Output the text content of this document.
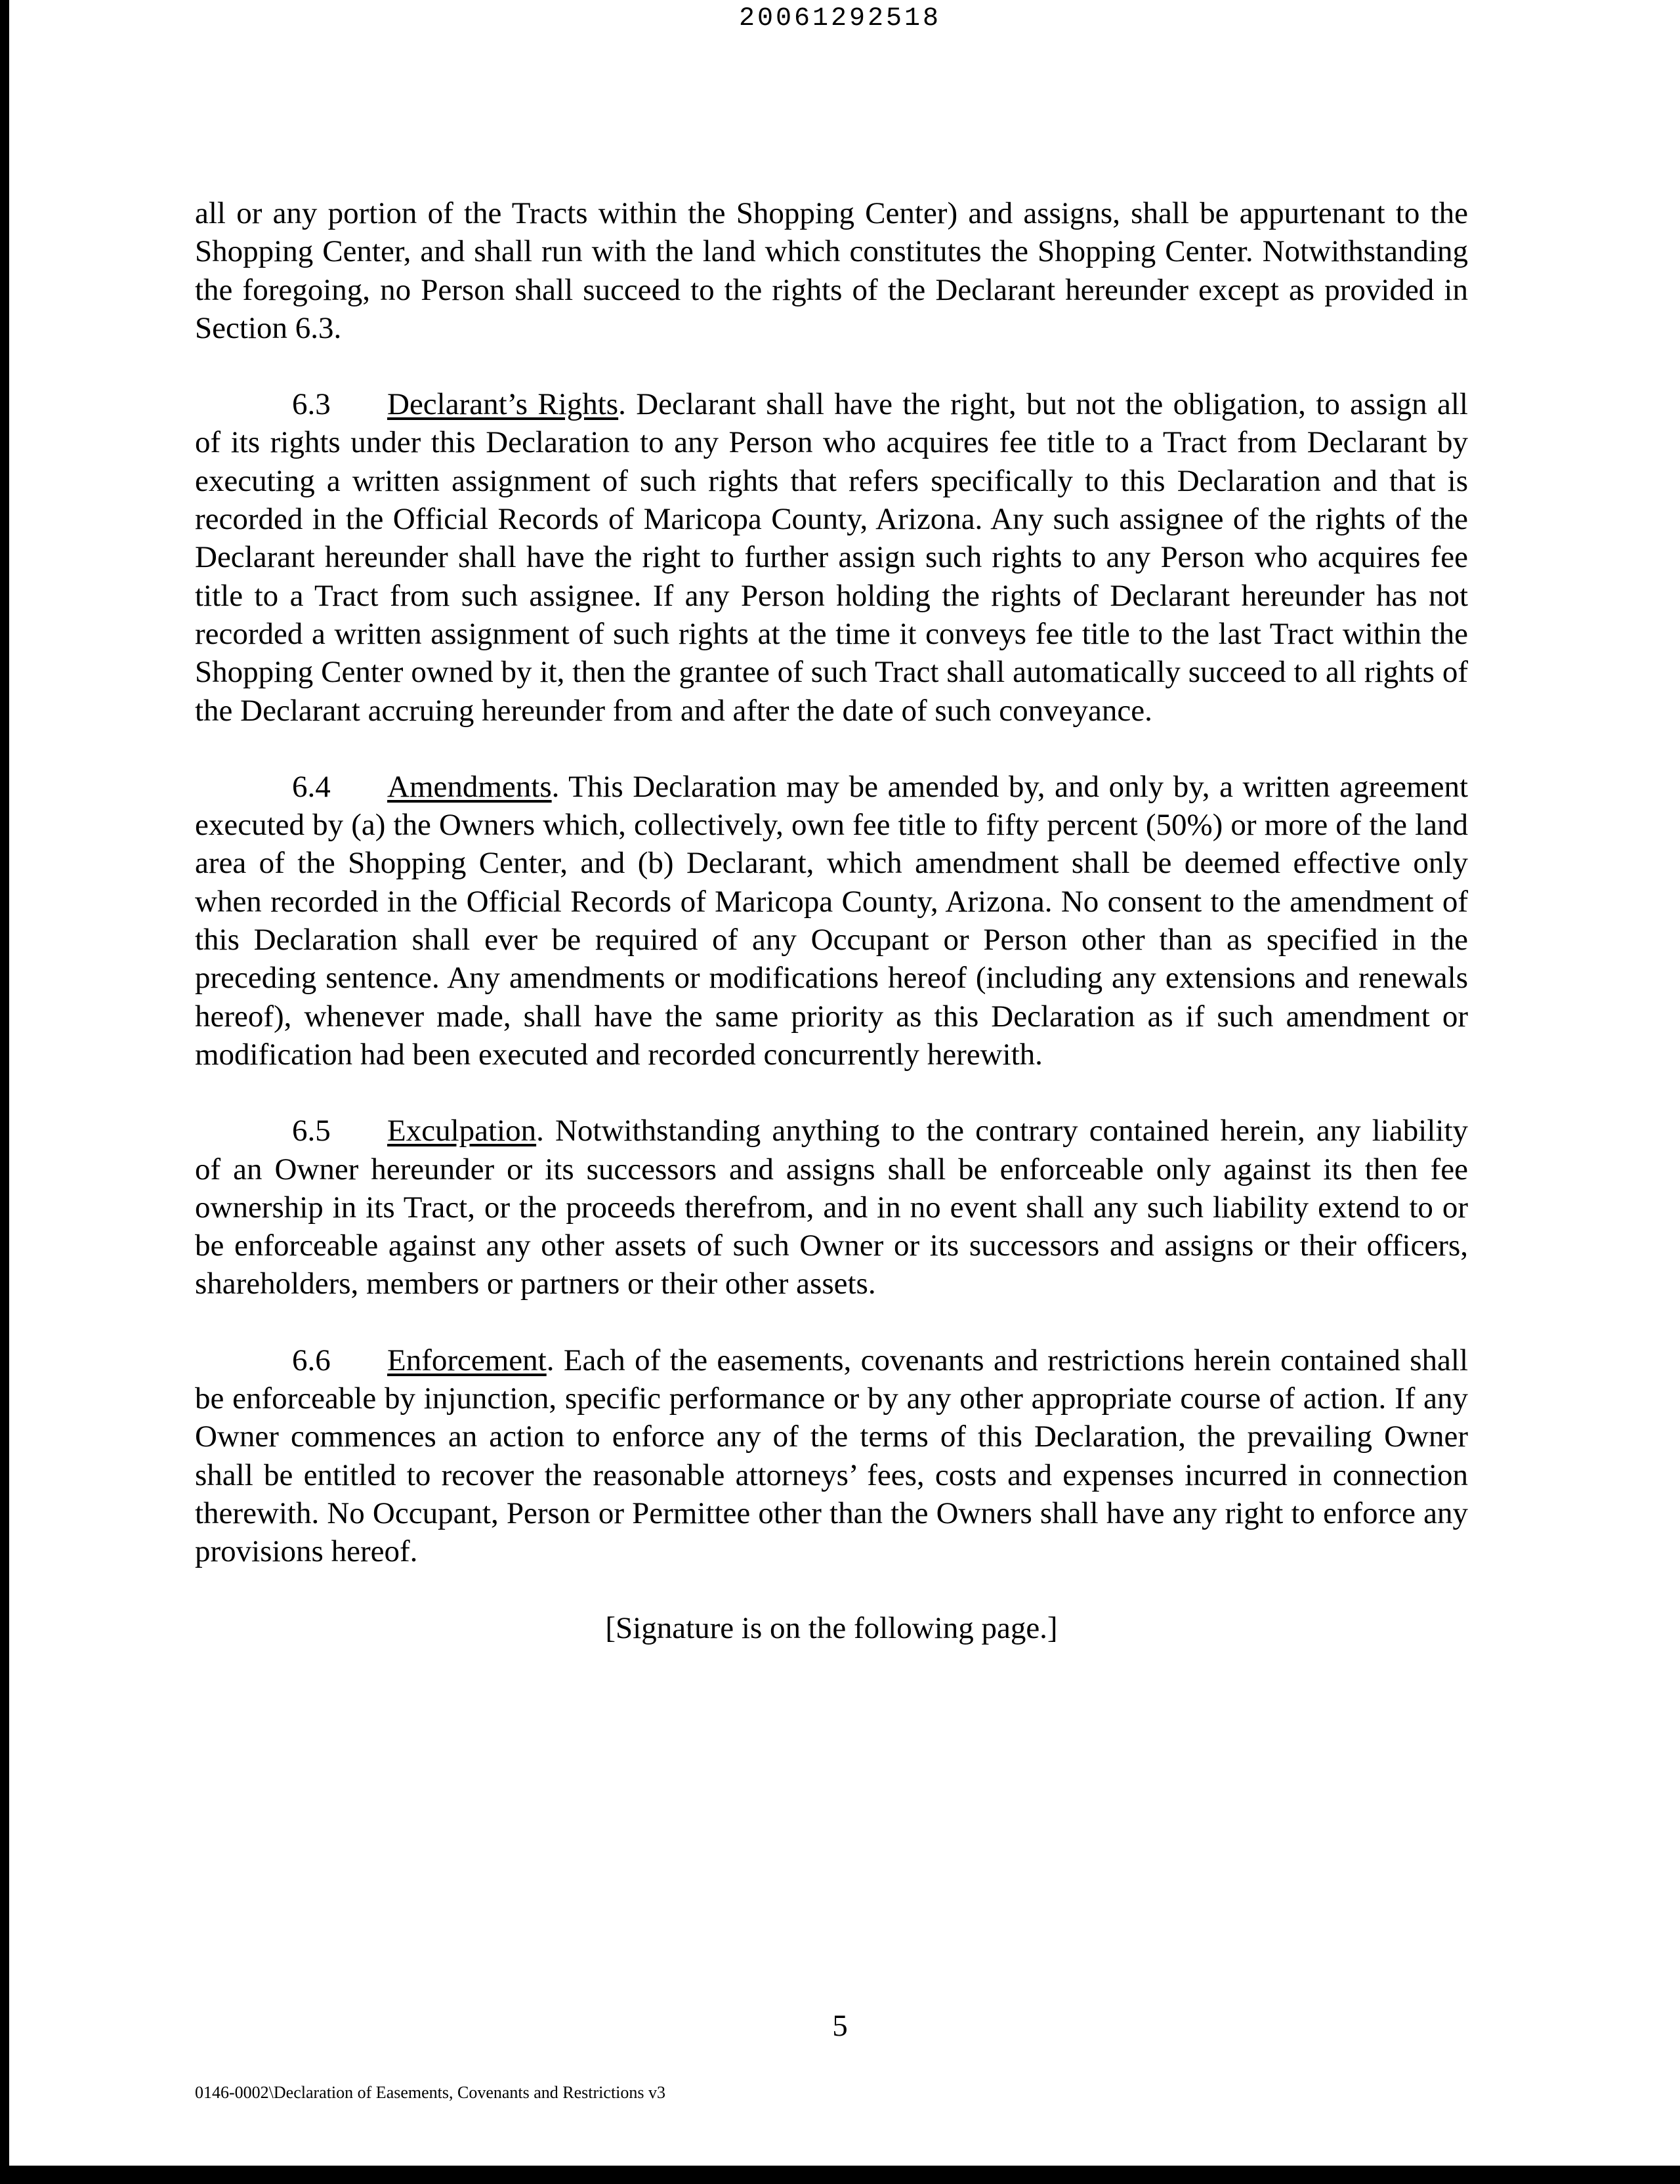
20061292518

all or any portion of the Tracts within the Shopping Center) and assigns, shall be appurtenant to the Shopping Center, and shall run with the land which constitutes the Shopping Center. Notwithstanding the foregoing, no Person shall succeed to the rights of the Declarant hereunder except as provided in Section 6.3.

6.3 Declarant’s Rights. Declarant shall have the right, but not the obligation, to assign all of its rights under this Declaration to any Person who acquires fee title to a Tract from Declarant by executing a written assignment of such rights that refers specifically to this Declaration and that is recorded in the Official Records of Maricopa County, Arizona. Any such assignee of the rights of the Declarant hereunder shall have the right to further assign such rights to any Person who acquires fee title to a Tract from such assignee. If any Person holding the rights of Declarant hereunder has not recorded a written assignment of such rights at the time it conveys fee title to the last Tract within the Shopping Center owned by it, then the grantee of such Tract shall automatically succeed to all rights of the Declarant accruing hereunder from and after the date of such conveyance.

6.4 Amendments. This Declaration may be amended by, and only by, a written agreement executed by (a) the Owners which, collectively, own fee title to fifty percent (50%) or more of the land area of the Shopping Center, and (b) Declarant, which amendment shall be deemed effective only when recorded in the Official Records of Maricopa County, Arizona. No consent to the amendment of this Declaration shall ever be required of any Occupant or Person other than as specified in the preceding sentence. Any amendments or modifications hereof (including any extensions and renewals hereof), whenever made, shall have the same priority as this Declaration as if such amendment or modification had been executed and recorded concurrently herewith.

6.5 Exculpation. Notwithstanding anything to the contrary contained herein, any liability of an Owner hereunder or its successors and assigns shall be enforceable only against its then fee ownership in its Tract, or the proceeds therefrom, and in no event shall any such liability extend to or be enforceable against any other assets of such Owner or its successors and assigns or their officers, shareholders, members or partners or their other assets.

6.6 Enforcement. Each of the easements, covenants and restrictions herein contained shall be enforceable by injunction, specific performance or by any other appropriate course of action. If any Owner commences an action to enforce any of the terms of this Declaration, the prevailing Owner shall be entitled to recover the reasonable attorneys’ fees, costs and expenses incurred in connection therewith. No Occupant, Person or Permittee other than the Owners shall have any right to enforce any provisions hereof.

[Signature is on the following page.]

5
0146-0002\Declaration of Easements, Covenants and Restrictions v3
